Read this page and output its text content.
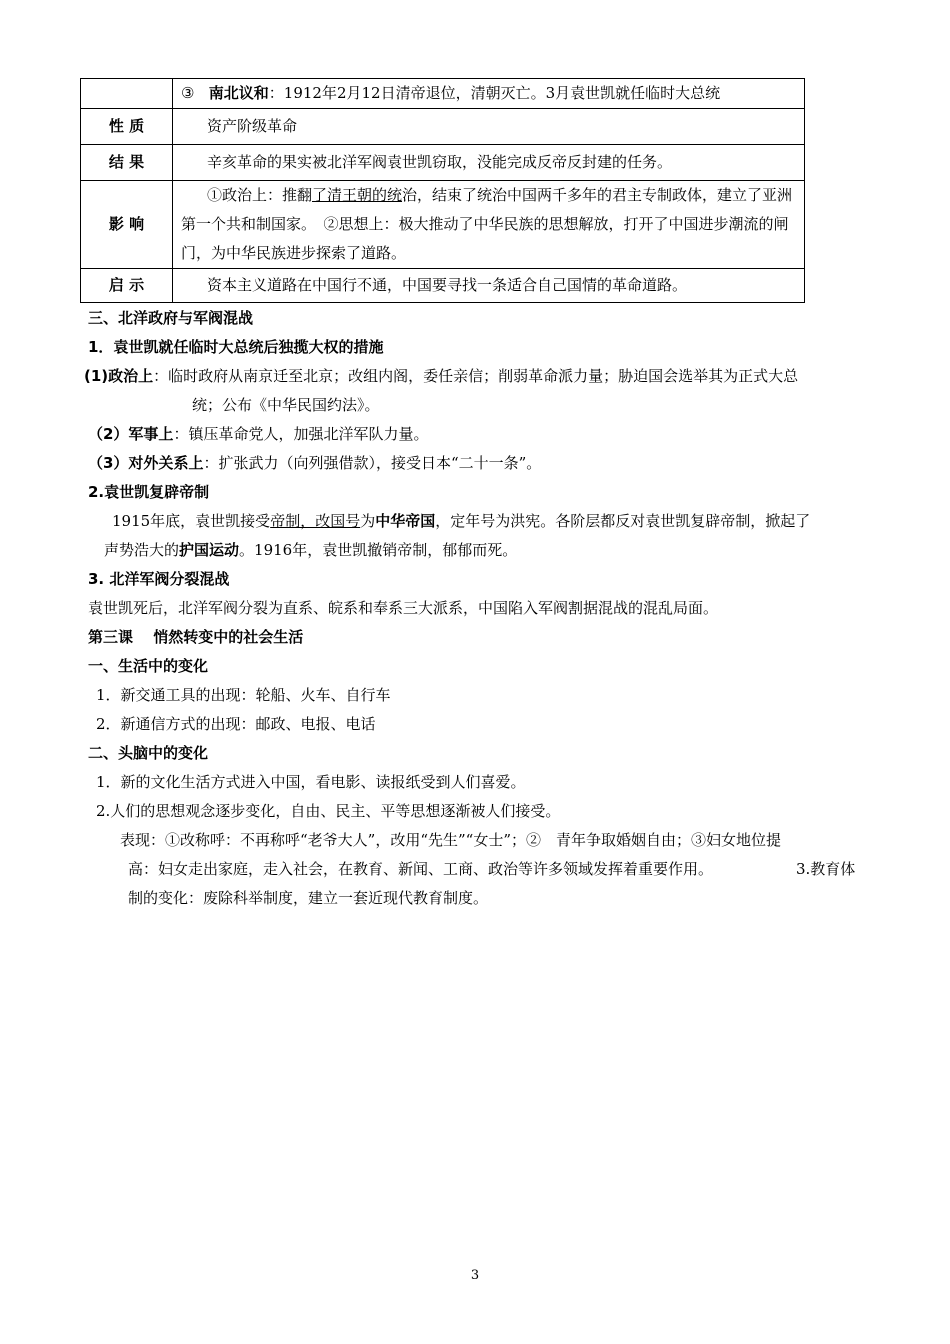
	③ 南北议和：1912年2月12日清帝退位，清朝灭亡。3月袁世凯就任临时大总统
性 质	资产阶级革命
结 果	辛亥革命的果实被北洋军阀袁世凯窃取，没能完成反帝反封建的任务。
影 响	①政治上：推翻了清王朝的统治，结束了统治中国两千多年的君主专制政体，建立了亚洲第一个共和制国家。　②思想上：极大推动了中华民族的思想解放，打开了中国进步潮流的闸门，为中华民族进步探索了道路。
启 示	资本主义道路在中国行不通，中国要寻找一条适合自己国情的革命道路。
三、北洋政府与军阀混战
1．袁世凯就任临时大总统后独揽大权的措施
(1)政治上：临时政府从南京迁至北京；改组内阁，委任亲信；削弱革命派力量；胁迫国会选举其为正式大总
统；公布《中华民国约法》。
（2）军事上：镇压革命党人，加强北洋军队力量。
（3）对外关系上：扩张武力（向列强借款），接受日本“二十一条”。
2.袁世凯复辟帝制
1915年底，袁世凯接受帝制，改国号为中华帝国，定年号为洪宪。各阶层都反对袁世凯复辟帝制，掀起了
声势浩大的护国运动。1916年，袁世凯撤销帝制，郁郁而死。
3. 北洋军阀分裂混战
袁世凯死后，北洋军阀分裂为直系、皖系和奉系三大派系，中国陷入军阀割据混战的混乱局面。
第三课　 悄然转变中的社会生活
一、生活中的变化
1．新交通工具的出现：轮船、火车、自行车
2．新通信方式的出现：邮政、电报、电话
二、头脑中的变化
1．新的文化生活方式进入中国，看电影、读报纸受到人们喜爱。
2.人们的思想观念逐步变化，自由、民主、平等思想逐渐被人们接受。
表现：①改称呼：不再称呼“老爷大人”，改用“先生”“女士”；②　青年争取婚姻自由；③妇女地位提
高：妇女走出家庭，走入社会，在教育、新闻、工商、政治等许多领域发挥着重要作用。	3.教育体
制的变化：废除科举制度，建立一套近现代教育制度。
3
